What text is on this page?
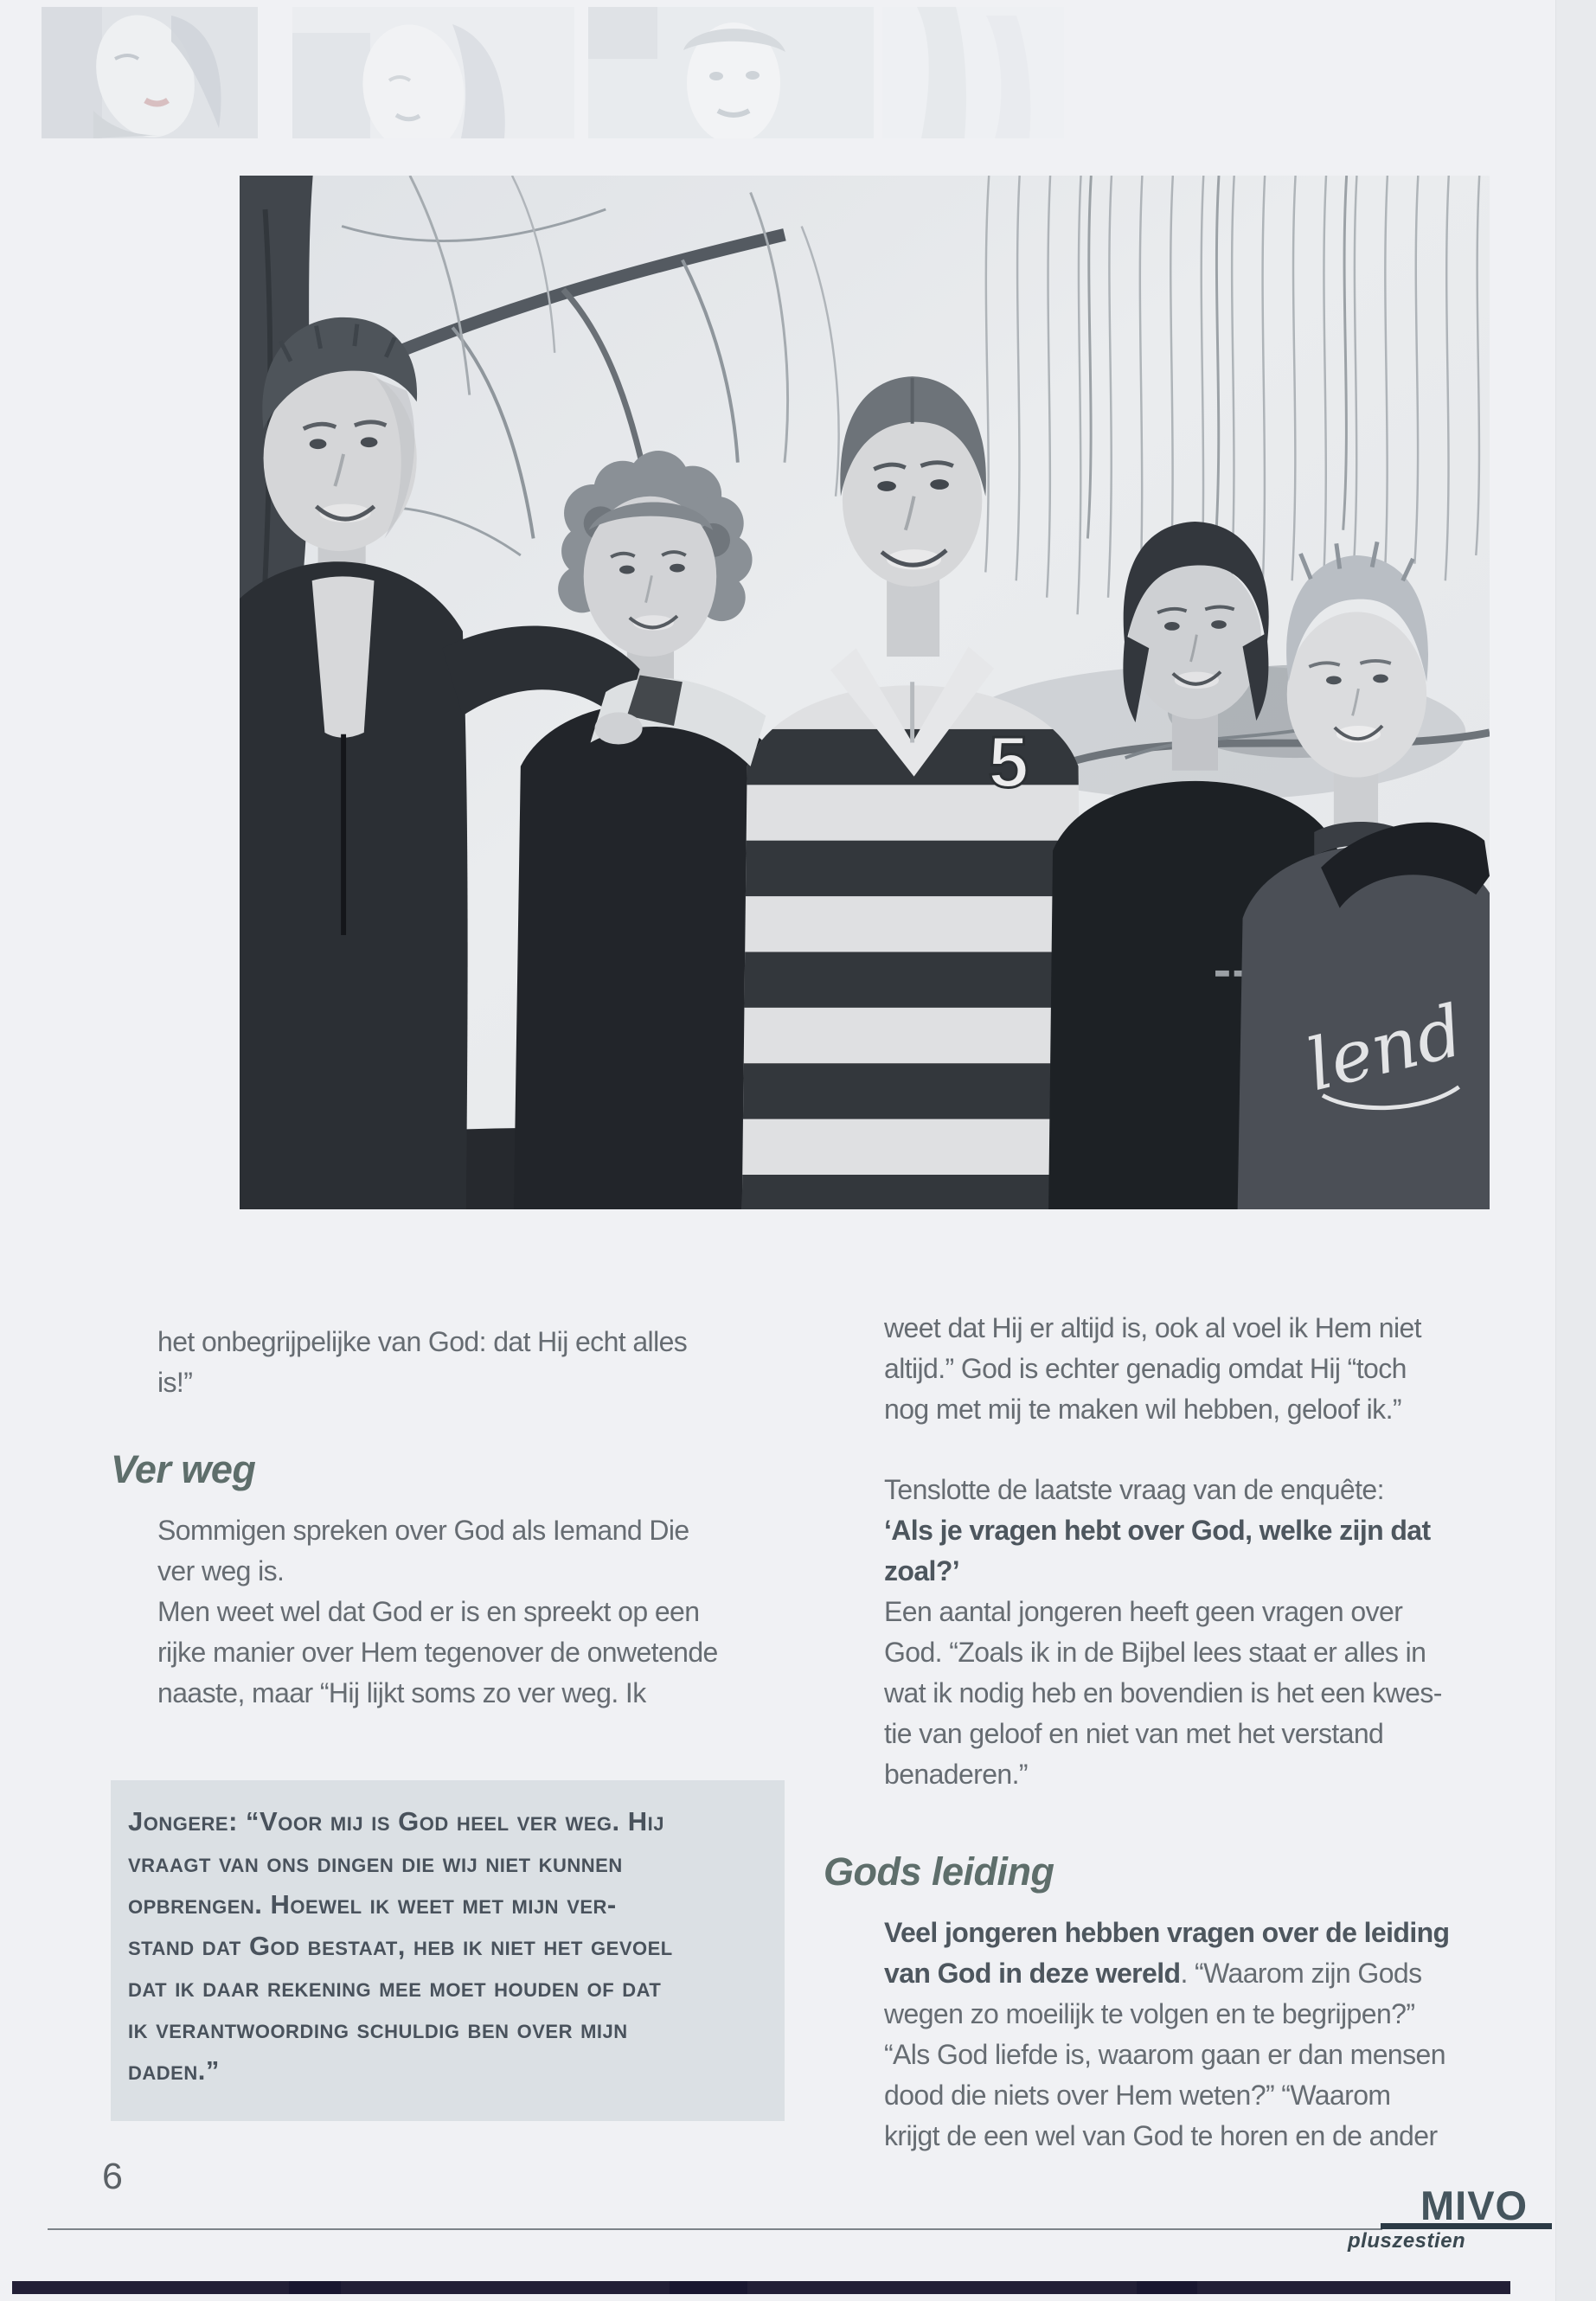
5
lend
het onbegrijpelijke van God: dat Hij echt alles
is!”
Ver weg
Sommigen spreken over God als Iemand Die
ver weg is.
Men weet wel dat God er is en spreekt op een
rijke manier over Hem tegenover de onwetende
naaste, maar “Hij lijkt soms zo ver weg. Ik
Jongere: “Voor mij is God heel ver weg. Hij
vraagt van ons dingen die wij niet kunnen
opbrengen. Hoewel ik weet met mijn ver-
stand dat God bestaat, heb ik niet het gevoel
dat ik daar rekening mee moet houden of dat
ik verantwoording schuldig ben over mijn
daden.”
weet dat Hij er altijd is, ook al voel ik Hem niet
altijd.” God is echter genadig omdat Hij “toch
nog met mij te maken wil hebben, geloof ik.”
Tenslotte de laatste vraag van de enquête:
‘Als je vragen hebt over God, welke zijn dat
zoal?’
Een aantal jongeren heeft geen vragen over
God. “Zoals ik in de Bijbel lees staat er alles in
wat ik nodig heb en bovendien is het een kwes-
tie van geloof en niet van met het verstand
benaderen.”
Gods leiding
Veel jongeren hebben vragen over de leiding
van God in deze wereld. “Waarom zijn Gods
wegen zo moeilijk te volgen en te begrijpen?”
“Als God liefde is, waarom gaan er dan mensen
dood die niets over Hem weten?” “Waarom
krijgt de een wel van God te horen en de ander
6
MIVO
pluszestien
